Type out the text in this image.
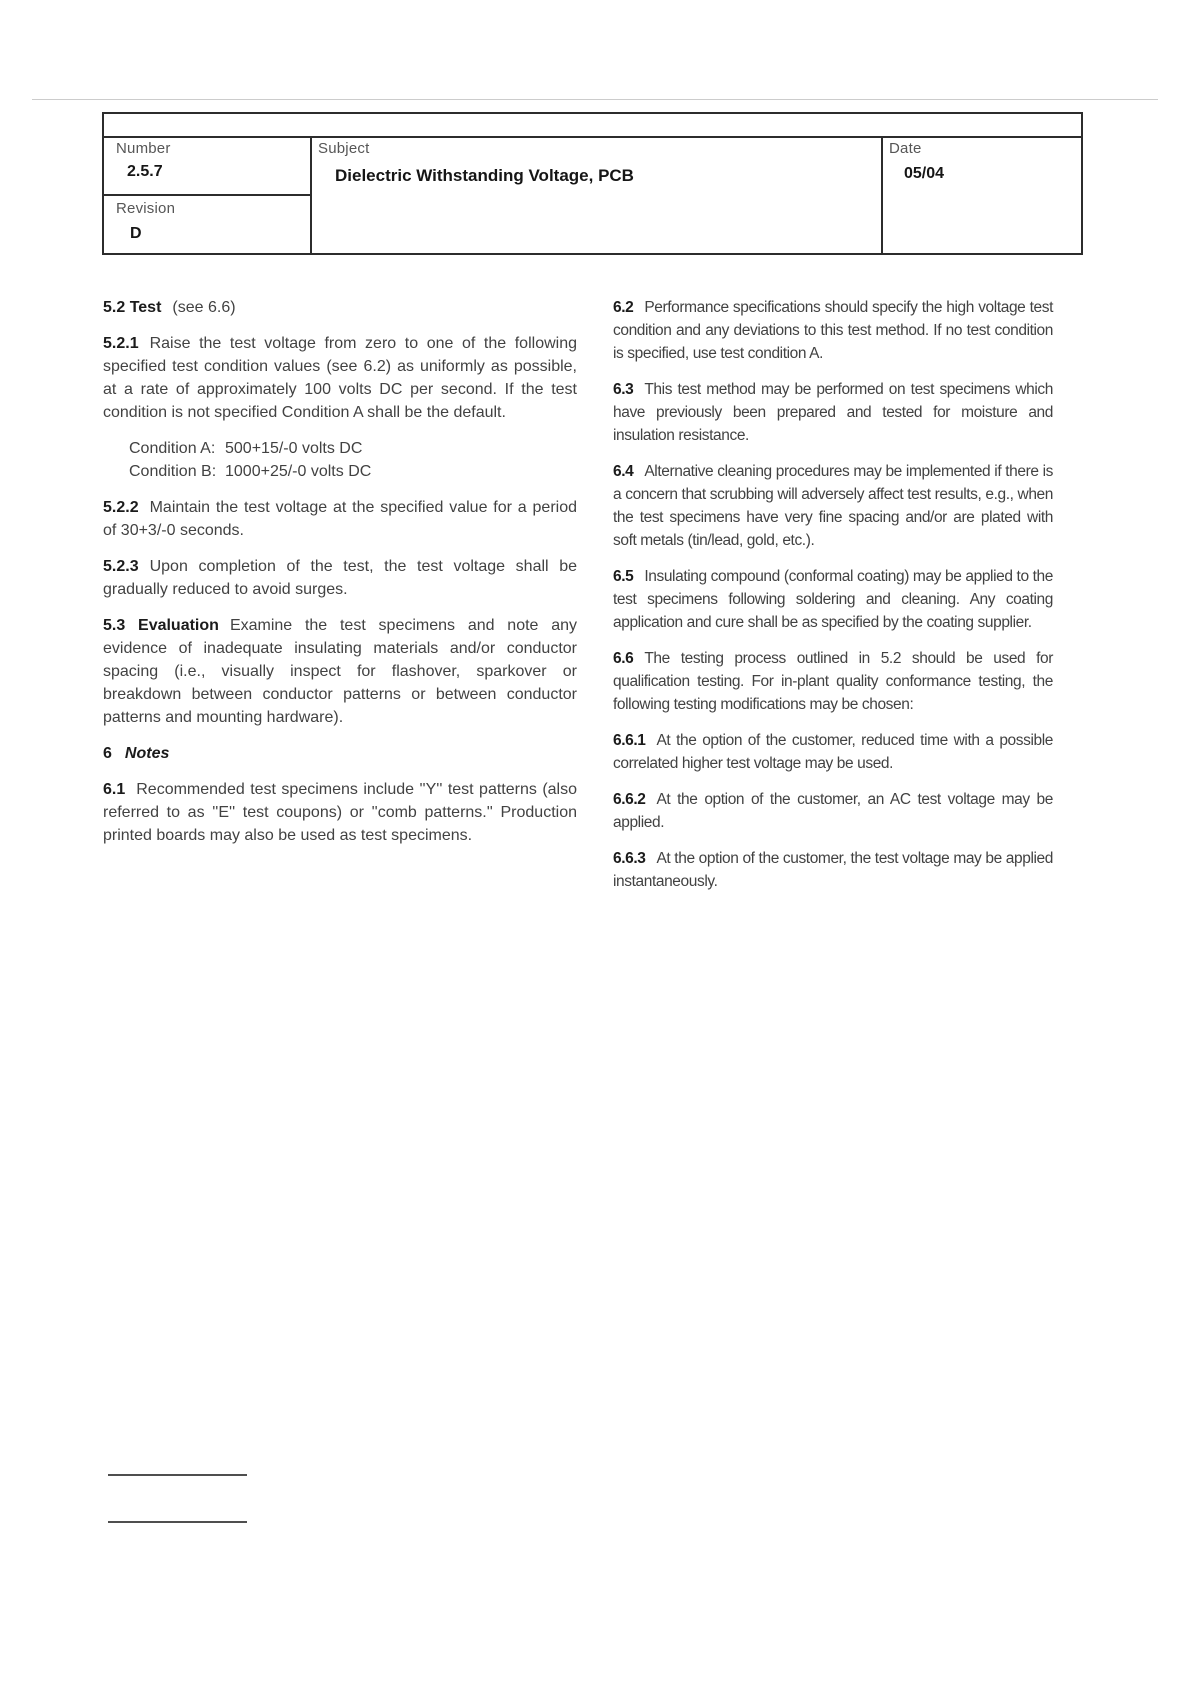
Number
2.5.7
Revision
D
Subject
Dielectric Withstanding Voltage, PCB
Date
05/04

5.2 Test (see 6.6)

5.2.1 Raise the test voltage from zero to one of the following specified test condition values (see 6.2) as uniformly as possible, at a rate of approximately 100 volts DC per second. If the test condition is not specified Condition A shall be the default.

Condition A: 500+15/-0 volts DC
Condition B: 1000+25/-0 volts DC

5.2.2 Maintain the test voltage at the specified value for a period of 30+3/-0 seconds.

5.2.3 Upon completion of the test, the test voltage shall be gradually reduced to avoid surges.

5.3 Evaluation Examine the test specimens and note any evidence of inadequate insulating materials and/or conductor spacing (i.e., visually inspect for flashover, sparkover or breakdown between conductor patterns or between conductor patterns and mounting hardware).

6 Notes

6.1 Recommended test specimens include ''Y'' test patterns (also referred to as ''E'' test coupons) or ''comb patterns.'' Production printed boards may also be used as test specimens.

6.2 Performance specifications should specify the high voltage test condition and any deviations to this test method. If no test condition is specified, use test condition A.

6.3 This test method may be performed on test specimens which have previously been prepared and tested for moisture and insulation resistance.

6.4 Alternative cleaning procedures may be implemented if there is a concern that scrubbing will adversely affect test results, e.g., when the test specimens have very fine spacing and/or are plated with soft metals (tin/lead, gold, etc.).

6.5 Insulating compound (conformal coating) may be applied to the test specimens following soldering and cleaning. Any coating application and cure shall be as specified by the coating supplier.

6.6 The testing process outlined in 5.2 should be used for qualification testing. For in-plant quality conformance testing, the following testing modifications may be chosen:

6.6.1 At the option of the customer, reduced time with a possible correlated higher test voltage may be used.

6.6.2 At the option of the customer, an AC test voltage may be applied.

6.6.3 At the option of the customer, the test voltage may be applied instantaneously.
